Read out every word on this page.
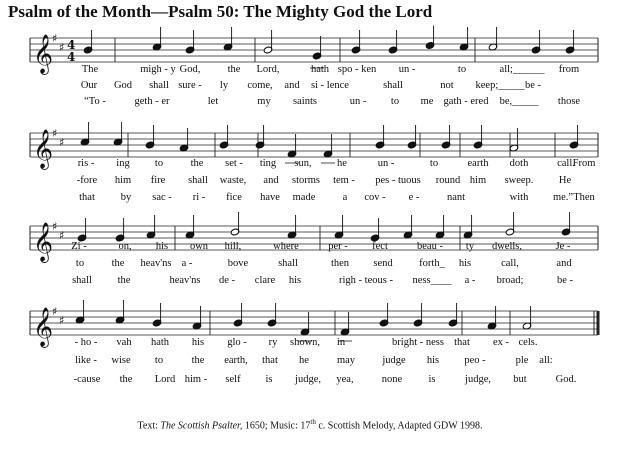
Psalm of the Month—Psalm 50: The Mighty God the Lord
𝄞
♯
♯ 4
4
𝄞
♯
♯
𝄞
♯
♯
𝄞
♯
♯
The	migh - y God,	the Lord,	hath spo - ken un -	to	all;______ from
Our God shall sure - ly come, and si - lence	shall	not keep;_____ be -
“To -	geth - er	let	my saints	un - to me gath - ered be,_____ those
ris - ing to	the set - ting sun, he	un -	to	earth doth	call.
From
-fore him fire shall waste, and storms tem - pes - tuous round him sweep. He
that by sac - ri - fice have made	a cov - e -	nant	with me.” Then
Zi -	on, his own hill,	where	per - fect	beau - ty dwells,	Je -
to	the heav'ns a -	bove	shall	then send	forth_ his	call,	and
shall the	heav'ns de - clare his	righ - teous - ness____ a - broad;	be -
- ho - vah hath his glo - ry shown, in	bright - ness that ex - cels.
like - wise to	the earth, that he	may	judge his peo -	ple all:
-cause the Lord him - self is judge, yea,	none	is	judge, but	God.
Text: The Scottish Psalter, 1650; Music: 17th c. Scottish Melody, Adapted GDW 1998.
